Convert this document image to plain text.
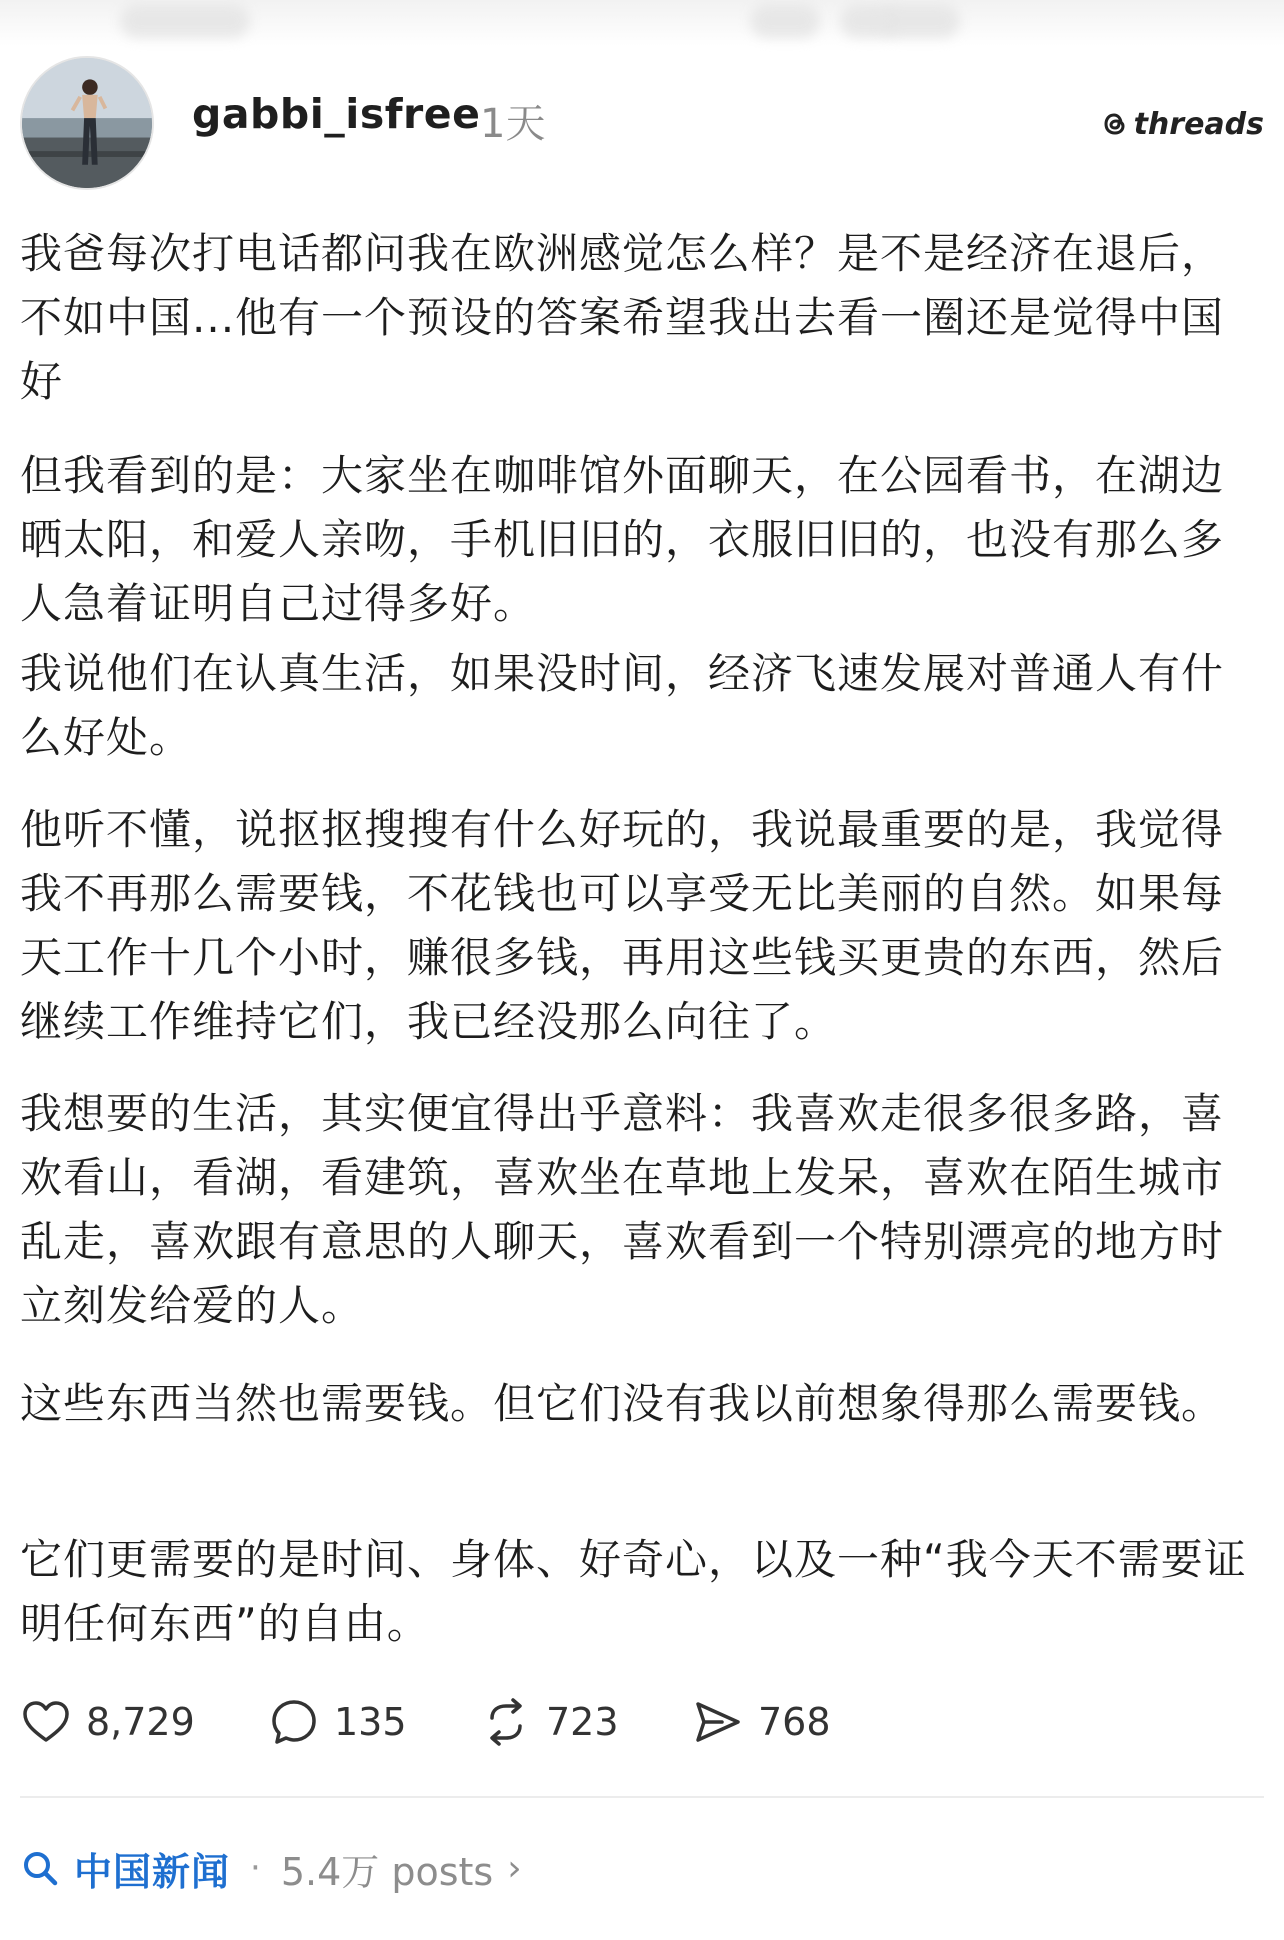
gabbi_isfree 1天	threads

我爸每次打电话都问我在欧洲感觉怎么样？是不是经济在退后，不如中国...他有一个预设的答案希望我出去看一圈还是觉得中国好

但我看到的是：大家坐在咖啡馆外面聊天，在公园看书，在湖边晒太阳，和爱人亲吻，手机旧旧的，衣服旧旧的，也没有那么多人急着证明自己过得多好。

我说他们在认真生活，如果没时间，经济飞速发展对普通人有什么好处。

他听不懂，说抠抠搜搜有什么好玩的，我说最重要的是，我觉得我不再那么需要钱，不花钱也可以享受无比美丽的自然。如果每天工作十几个小时，赚很多钱，再用这些钱买更贵的东西，然后继续工作维持它们，我已经没那么向往了。

我想要的生活，其实便宜得出乎意料：我喜欢走很多很多路，喜欢看山，看湖，看建筑，喜欢坐在草地上发呆，喜欢在陌生城市乱走，喜欢跟有意思的人聊天，喜欢看到一个特别漂亮的地方时立刻发给爱的人。

这些东西当然也需要钱。但它们没有我以前想象得那么需要钱。

它们更需要的是时间、身体、好奇心，以及一种“我今天不需要证明任何东西”的自由。

8,729	135	723	768
中国新闻 · 5.4万 posts ›
